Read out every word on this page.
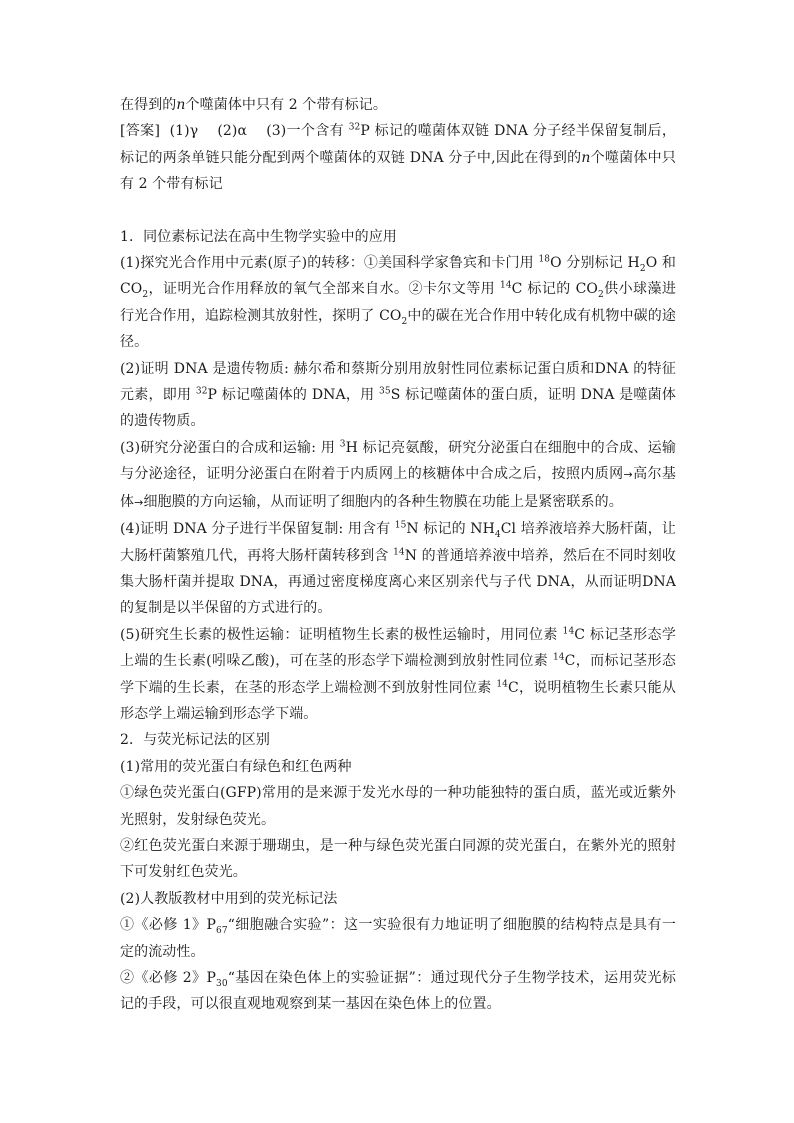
在得到的n个噬菌体中只有 2 个带有标记。

[答案]  (1)γ    (2)α    (3)一个含有 $^{32}$P 标记的噬菌体双链 DNA 分子经半保留复制后，标记的两条单链只能分配到两个噬菌体的双链 DNA 分子中,因此在得到的n个噬菌体中只有 2 个带有标记

1．同位素标记法在高中生物学实验中的应用

(1)探究光合作用中元素(原子)的转移：①美国科学家鲁宾和卡门用 $^{18}$O 分别标记 $H_2O$ 和 $CO_2$，证明光合作用释放的氧气全部来自水。②卡尔文等用 $^{14}$C 标记的 $CO_2$供小球藻进行光合作用，追踪检测其放射性，探明了 $CO_2$中的碳在光合作用中转化成有机物中碳的途径。

(2)证明 DNA 是遗传物质: 赫尔希和蔡斯分别用放射性同位素标记蛋白质和DNA 的特征元素，即用 $^{32}$P 标记噬菌体的 DNA，用 $^{35}$S 标记噬菌体的蛋白质，证明 DNA 是噬菌体的遗传物质。

(3)研究分泌蛋白的合成和运输: 用 $^3$H 标记亮氨酸，研究分泌蛋白在细胞中的合成、运输与分泌途径，证明分泌蛋白在附着于内质网上的核糖体中合成之后，按照内质网→高尔基体→细胞膜的方向运输，从而证明了细胞内的各种生物膜在功能上是紧密联系的。

(4)证明 DNA 分子进行半保留复制: 用含有 $^{15}$N 标记的 $NH_4Cl$ 培养液培养大肠杆菌，让大肠杆菌繁殖几代，再将大肠杆菌转移到含 $^{14}$N 的普通培养液中培养，然后在不同时刻收集大肠杆菌并提取 DNA，再通过密度梯度离心来区别亲代与子代 DNA，从而证明DNA 的复制是以半保留的方式进行的。

(5)研究生长素的极性运输：证明植物生长素的极性运输时，用同位素 $^{14}$C 标记茎形态学上端的生长素(吲哚乙酸)，可在茎的形态学下端检测到放射性同位素 $^{14}$C，而标记茎形态学下端的生长素，在茎的形态学上端检测不到放射性同位素 $^{14}$C，说明植物生长素只能从形态学上端运输到形态学下端。

2．与荧光标记法的区别

(1)常用的荧光蛋白有绿色和红色两种

①绿色荧光蛋白(GFP)常用的是来源于发光水母的一种功能独特的蛋白质，蓝光或近紫外光照射，发射绿色荧光。

②红色荧光蛋白来源于珊瑚虫，是一种与绿色荧光蛋白同源的荧光蛋白，在紫外光的照射下可发射红色荧光。

(2)人教版教材中用到的荧光标记法

①《必修 1》$P_{67}“$细胞融合实验”：这一实验很有力地证明了细胞膜的结构特点是具有一定的流动性。

②《必修 2》$P_{30}“$基因在染色体上的实验证据”：通过现代分子生物学技术，运用荧光标记的手段，可以很直观地观察到某一基因在染色体上的位置。
